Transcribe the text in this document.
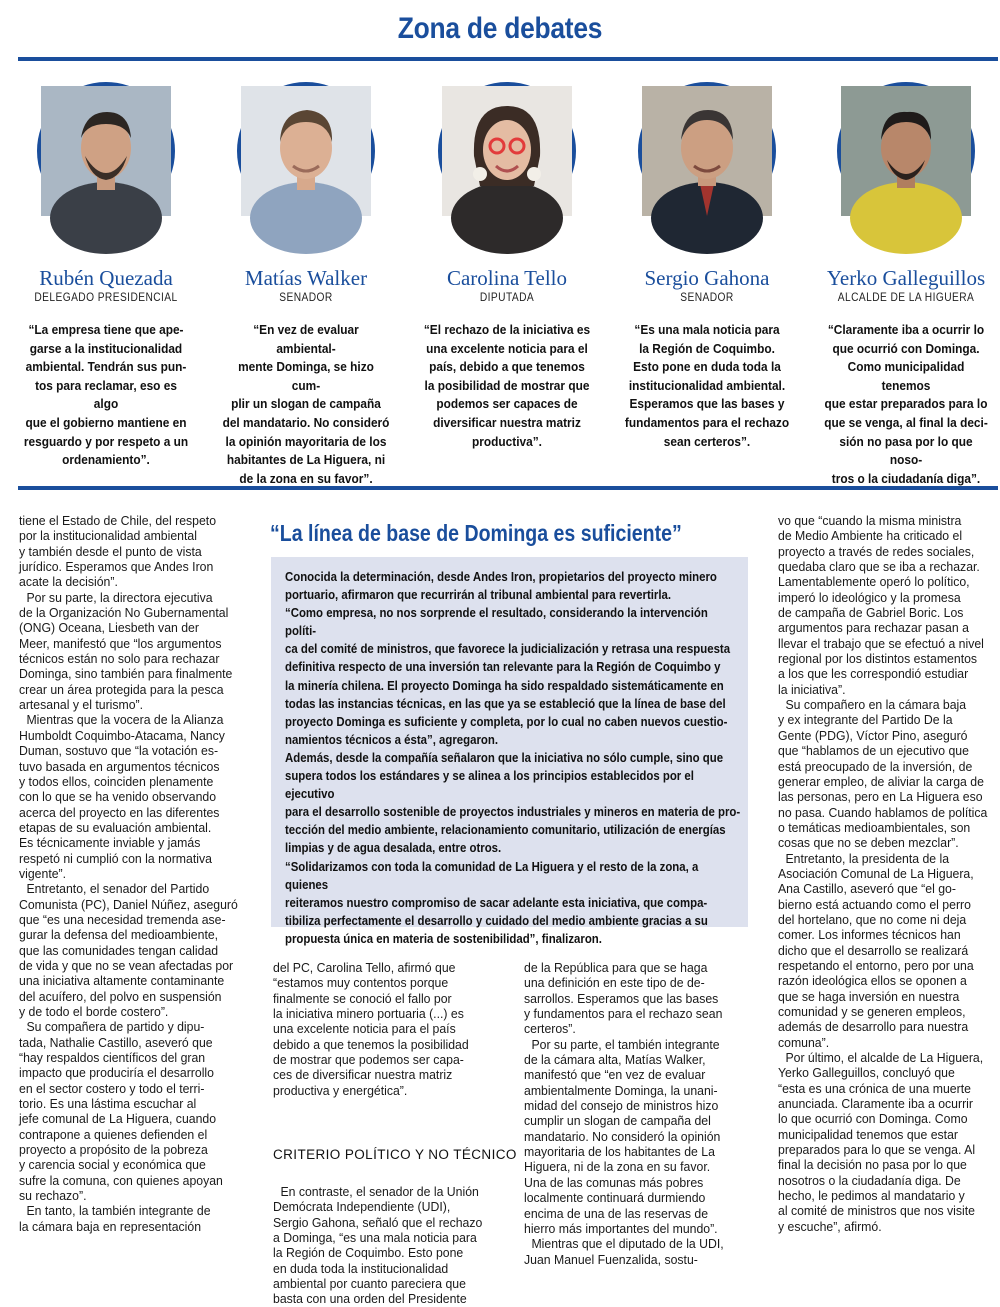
Zona de debates
Rubén Quezada
DELEGADO PRESIDENCIAL
“La empresa tiene que ape-
garse a la institucionalidad
ambiental. Tendrán sus pun-
tos para reclamar, eso es algo
que el gobierno mantiene en
resguardo y por respeto a un
ordenamiento”.
Matías Walker
SENADOR
“En vez de evaluar ambiental-
mente Dominga, se hizo cum-
plir un slogan de campaña
del mandatario. No consideró
la opinión mayoritaria de los
habitantes de La Higuera, ni
de la zona en su favor”.
Carolina Tello
DIPUTADA
“El rechazo de la iniciativa es
una excelente noticia para el
país, debido a que tenemos
la posibilidad de mostrar que
podemos ser capaces de
diversificar nuestra matriz
productiva”.
Sergio Gahona
SENADOR
“Es una mala noticia para
la Región de Coquimbo.
Esto pone en duda toda la
institucionalidad ambiental.
Esperamos que las bases y
fundamentos para el rechazo
sean certeros”.
Yerko Galleguillos
ALCALDE DE LA HIGUERA
“Claramente iba a ocurrir lo
que ocurrió con Dominga.
Como municipalidad tenemos
que estar preparados para lo
que se venga, al final la deci-
sión no pasa por lo que noso-
tros o la ciudadanía diga”.

tiene el Estado de Chile, del respeto
por la institucionalidad ambiental
y también desde el punto de vista
jurídico. Esperamos que Andes Iron
acate la decisión”.

Por su parte, la directora ejecutiva
de la Organización No Gubernamental
(ONG) Oceana, Liesbeth van der
Meer, manifestó que “los argumentos
técnicos están no solo para rechazar
Dominga, sino también para finalmente
crear un área protegida para la pesca
artesanal y el turismo”.

Mientras que la vocera de la Alianza
Humboldt Coquimbo-Atacama, Nancy
Duman, sostuvo que “la votación es-
tuvo basada en argumentos técnicos
y todos ellos, coinciden plenamente
con lo que se ha venido observando
acerca del proyecto en las diferentes
etapas de su evaluación ambiental.
Es técnicamente inviable y jamás
respetó ni cumplió con la normativa
vigente”.

Entretanto, el senador del Partido
Comunista (PC), Daniel Núñez, aseguró
que “es una necesidad tremenda ase-
gurar la defensa del medioambiente,
que las comunidades tengan calidad
de vida y que no se vean afectadas por
una iniciativa altamente contaminante
del acuífero, del polvo en suspensión
y de todo el borde costero”.

Su compañera de partido y dipu-
tada, Nathalie Castillo, aseveró que
“hay respaldos científicos del gran
impacto que produciría el desarrollo
en el sector costero y todo el terri-
torio. Es una lástima escuchar al
jefe comunal de La Higuera, cuando
contrapone a quienes defienden el
proyecto a propósito de la pobreza
y carencia social y económica que
sufre la comuna, con quienes apoyan
su rechazo”.

En tanto, la también integrante de
la cámara baja en representación

“La línea de base de Dominga es suficiente”

Conocida la determinación, desde Andes Iron, propietarios del proyecto minero
portuario, afirmaron que recurrirán al tribunal ambiental para revertirla.

“Como empresa, no nos sorprende el resultado, considerando la intervención políti-
ca del comité de ministros, que favorece la judicialización y retrasa una respuesta
definitiva respecto de una inversión tan relevante para la Región de Coquimbo y
la minería chilena. El proyecto Dominga ha sido respaldado sistemáticamente en
todas las instancias técnicas, en las que ya se estableció que la línea de base del
proyecto Dominga es suficiente y completa, por lo cual no caben nuevos cuestio-
namientos técnicos a ésta”, agregaron.

Además, desde la compañía señalaron que la iniciativa no sólo cumple, sino que
supera todos los estándares y se alinea a los principios establecidos por el ejecutivo
para el desarrollo sostenible de proyectos industriales y mineros en materia de pro-
tección del medio ambiente, relacionamiento comunitario, utilización de energías
limpias y de agua desalada, entre otros.

“Solidarizamos con toda la comunidad de La Higuera y el resto de la zona, a quienes
reiteramos nuestro compromiso de sacar adelante esta iniciativa, que compa-
tibiliza perfectamente el desarrollo y cuidado del medio ambiente gracias a su
propuesta única en materia de sostenibilidad”, finalizaron.

del PC, Carolina Tello, afirmó que
“estamos muy contentos porque
finalmente se conoció el fallo por
la iniciativa minero portuaria (...) es
una excelente noticia para el país
debido a que tenemos la posibilidad
de mostrar que podemos ser capa-
ces de diversificar nuestra matriz
productiva y energética”.

CRITERIO POLÍTICO Y NO TÉCNICO

En contraste, el senador de la Unión
Demócrata Independiente (UDI),
Sergio Gahona, señaló que el rechazo
a Dominga, “es una mala noticia para
la Región de Coquimbo. Esto pone
en duda toda la institucionalidad
ambiental por cuanto pareciera que
basta con una orden del Presidente

de la República para que se haga
una definición en este tipo de de-
sarrollos. Esperamos que las bases
y fundamentos para el rechazo sean
certeros”.

Por su parte, el también integrante
de la cámara alta, Matías Walker,
manifestó que “en vez de evaluar
ambientalmente Dominga, la unani-
midad del consejo de ministros hizo
cumplir un slogan de campaña del
mandatario. No consideró la opinión
mayoritaria de los habitantes de La
Higuera, ni de la zona en su favor.
Una de las comunas más pobres
localmente continuará durmiendo
encima de una de las reservas de
hierro más importantes del mundo”.

Mientras que el diputado de la UDI,
Juan Manuel Fuenzalida, sostu-

vo que “cuando la misma ministra
de Medio Ambiente ha criticado el
proyecto a través de redes sociales,
quedaba claro que se iba a rechazar.
Lamentablemente operó lo político,
imperó lo ideológico y la promesa
de campaña de Gabriel Boric. Los
argumentos para rechazar pasan a
llevar el trabajo que se efectuó a nivel
regional por los distintos estamentos
a los que les correspondió estudiar
la iniciativa”.

Su compañero en la cámara baja
y ex integrante del Partido De la
Gente (PDG), Víctor Pino, aseguró
que “hablamos de un ejecutivo que
está preocupado de la inversión, de
generar empleo, de aliviar la carga de
las personas, pero en La Higuera eso
no pasa. Cuando hablamos de política
o temáticas medioambientales, son
cosas que no se deben mezclar”.

Entretanto, la presidenta de la
Asociación Comunal de La Higuera,
Ana Castillo, aseveró que “el go-
bierno está actuando como el perro
del hortelano, que no come ni deja
comer. Los informes técnicos han
dicho que el desarrollo se realizará
respetando el entorno, pero por una
razón ideológica ellos se oponen a
que se haga inversión en nuestra
comunidad y se generen empleos,
además de desarrollo para nuestra
comuna”.

Por último, el alcalde de La Higuera,
Yerko Galleguillos, concluyó que
“esta es una crónica de una muerte
anunciada. Claramente iba a ocurrir
lo que ocurrió con Dominga. Como
municipalidad tenemos que estar
preparados para lo que se venga. Al
final la decisión no pasa por lo que
nosotros o la ciudadanía diga. De
hecho, le pedimos al mandatario y
al comité de ministros que nos visite
y escuche”, afirmó.
